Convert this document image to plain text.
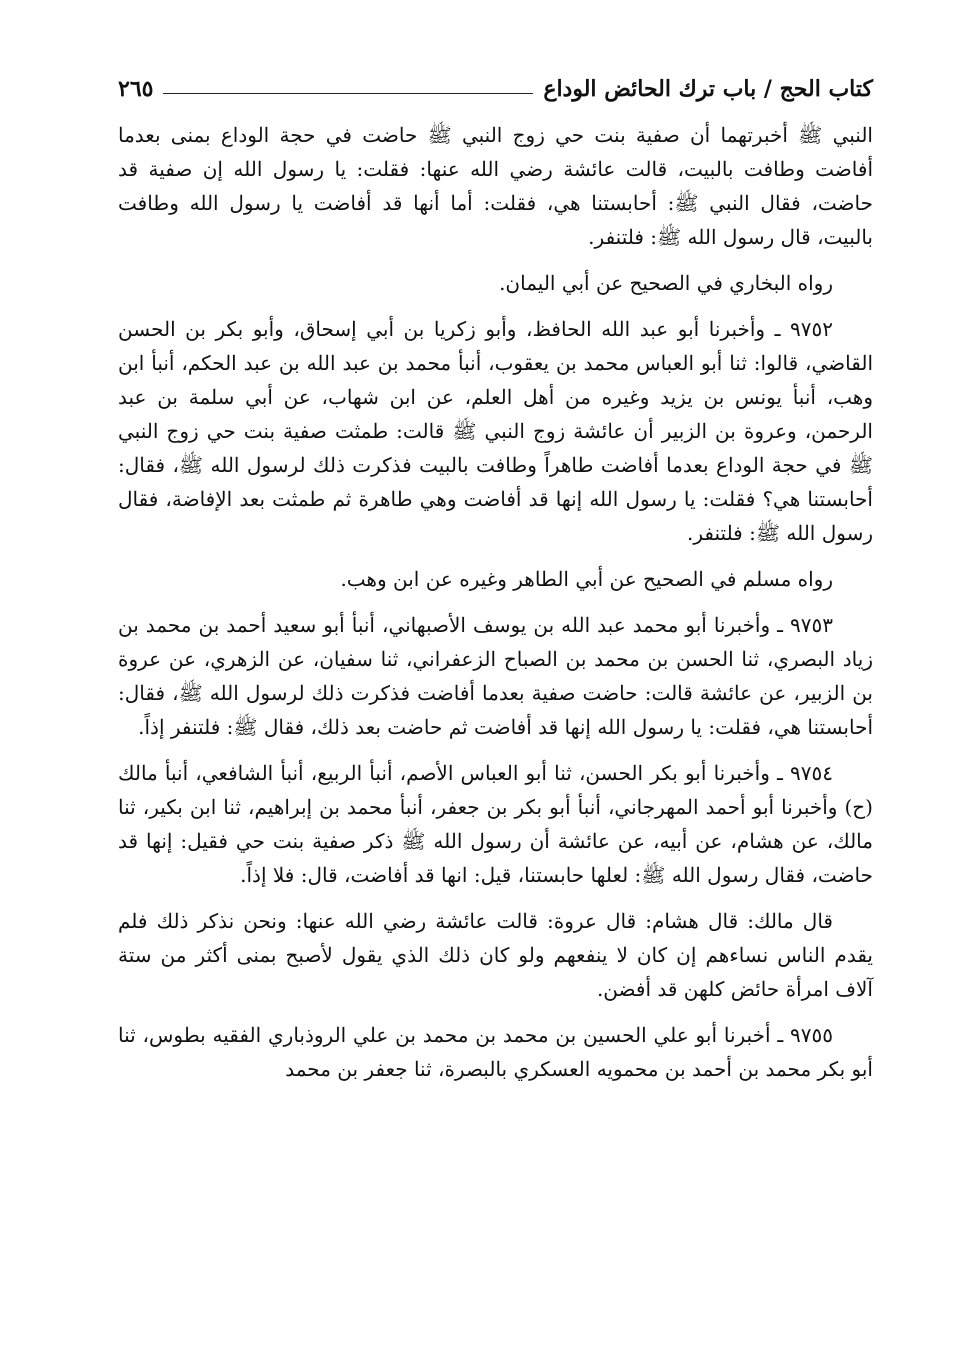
كتاب الحج / باب ترك الحائض الوداع
٢٦٥

النبي ﷺ أخبرتهما أن صفية بنت حي زوج النبي ﷺ حاضت في حجة الوداع بمنى بعدما أفاضت وطافت بالبيت، قالت عائشة رضي الله عنها: فقلت: يا رسول الله إن صفية قد حاضت، فقال النبي ﷺ: أحابستنا هي، فقلت: أما أنها قد أفاضت يا رسول الله وطافت بالبيت، قال رسول الله ﷺ: فلتنفر.

رواه البخاري في الصحيح عن أبي اليمان.

٩٧٥٢ ـ وأخبرنا أبو عبد الله الحافظ، وأبو زكريا بن أبي إسحاق، وأبو بكر بن الحسن القاضي، قالوا: ثنا أبو العباس محمد بن يعقوب، أنبأ محمد بن عبد الله بن عبد الحكم، أنبأ ابن وهب، أنبأ يونس بن يزيد وغيره من أهل العلم، عن ابن شهاب، عن أبي سلمة بن عبد الرحمن، وعروة بن الزبير أن عائشة زوج النبي ﷺ قالت: طمثت صفية بنت حي زوج النبي ﷺ في حجة الوداع بعدما أفاضت طاهراً وطافت بالبيت فذكرت ذلك لرسول الله ﷺ، فقال: أحابستنا هي؟ فقلت: يا رسول الله إنها قد أفاضت وهي طاهرة ثم طمثت بعد الإفاضة، فقال رسول الله ﷺ: فلتنفر.

رواه مسلم في الصحيح عن أبي الطاهر وغيره عن ابن وهب.

٩٧٥٣ ـ وأخبرنا أبو محمد عبد الله بن يوسف الأصبهاني، أنبأ أبو سعيد أحمد بن محمد بن زياد البصري، ثنا الحسن بن محمد بن الصباح الزعفراني، ثنا سفيان، عن الزهري، عن عروة بن الزبير، عن عائشة قالت: حاضت صفية بعدما أفاضت فذكرت ذلك لرسول الله ﷺ، فقال: أحابستنا هي، فقلت: يا رسول الله إنها قد أفاضت ثم حاضت بعد ذلك، فقال ﷺ: فلتنفر إذاً.

٩٧٥٤ ـ وأخبرنا أبو بكر الحسن، ثنا أبو العباس الأصم، أنبأ الربيع، أنبأ الشافعي، أنبأ مالك (ح) وأخبرنا أبو أحمد المهرجاني، أنبأ أبو بكر بن جعفر، أنبأ محمد بن إبراهيم، ثنا ابن بكير، ثنا مالك، عن هشام، عن أبيه، عن عائشة أن رسول الله ﷺ ذكر صفية بنت حي فقيل: إنها قد حاضت، فقال رسول الله ﷺ: لعلها حابستنا، قيل: انها قد أفاضت، قال: فلا إذاً.

قال مالك: قال هشام: قال عروة: قالت عائشة رضي الله عنها: ونحن نذكر ذلك فلم يقدم الناس نساءهم إن كان لا ينفعهم ولو كان ذلك الذي يقول لأصبح بمنى أكثر من ستة آلاف امرأة حائض كلهن قد أفضن.

٩٧٥٥ ـ أخبرنا أبو علي الحسين بن محمد بن محمد بن علي الروذباري الفقيه بطوس، ثنا أبو بكر محمد بن أحمد بن محمويه العسكري بالبصرة، ثنا جعفر بن محمد
